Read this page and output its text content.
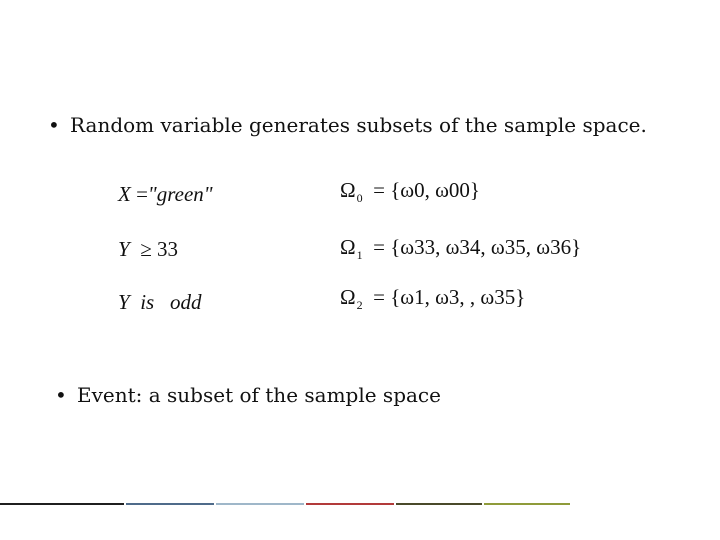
• Random variable generates subsets of the sample space.
X ="green"
Y ≥ 33
Y is odd
$\Omega_0 = \{\omega 0$, ω00}
$\Omega_1 = \{\omega 33$, ω34, ω35, ω36}
$\Omega_2 = \{\omega 1$, ω3, , ω35}
• Event: a subset of the sample space
